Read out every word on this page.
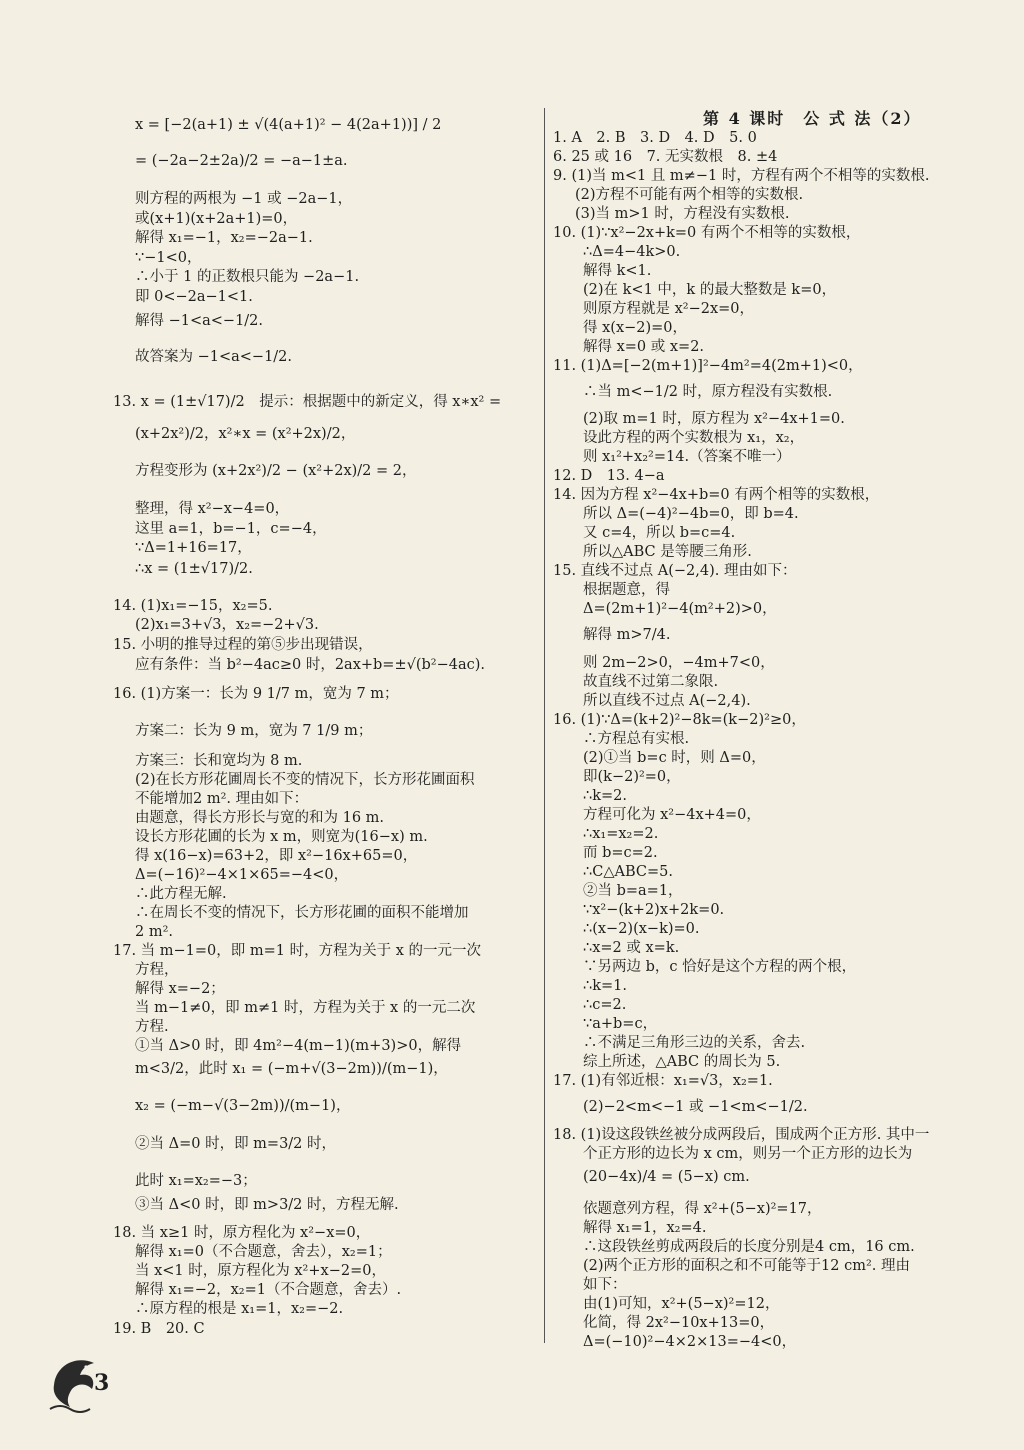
x = [−2(a+1) ± √(4(a+1)² − 4(2a+1))] / 2
= (−2a−2±2a)/2 = −a−1±a.
则方程的两根为 −1 或 −2a−1，
或(x+1)(x+2a+1)=0，
解得 x₁=−1，x₂=−2a−1.
∵−1<0，
∴小于 1 的正数根只能为 −2a−1.
即 0<−2a−1<1.
解得 −1<a<−1/2.
故答案为 −1<a<−1/2.
13. x = (1±√17)/2　提示：根据题中的新定义，得 x∗x² =
(x+2x²)/2，x²∗x = (x²+2x)/2，
方程变形为 (x+2x²)/2 − (x²+2x)/2 = 2，
整理，得 x²−x−4=0，
这里 a=1，b=−1，c=−4，
∵Δ=1+16=17，
∴x = (1±√17)/2.
14. (1)x₁=−15，x₂=5.
(2)x₁=3+√3，x₂=−2+√3.
15. 小明的推导过程的第⑤步出现错误，
应有条件：当 b²−4ac≥0 时，2ax+b=±√(b²−4ac).
16. (1)方案一：长为 9 1/7 m，宽为 7 m；
方案二：长为 9 m，宽为 7 1/9 m；
方案三：长和宽均为 8 m.
(2)在长方形花圃周长不变的情况下，长方形花圃面积
不能增加2 m². 理由如下：
由题意，得长方形长与宽的和为 16 m.
设长方形花圃的长为 x m，则宽为(16−x) m.
得 x(16−x)=63+2，即 x²−16x+65=0，
Δ=(−16)²−4×1×65=−4<0，
∴此方程无解.
∴在周长不变的情况下，长方形花圃的面积不能增加
2 m².
17. 当 m−1=0，即 m=1 时，方程为关于 x 的一元一次
方程，
解得 x=−2；
当 m−1≠0，即 m≠1 时，方程为关于 x 的一元二次
方程.
①当 Δ>0 时，即 4m²−4(m−1)(m+3)>0，解得
m<3/2，此时 x₁ = (−m+√(3−2m))/(m−1)，
x₂ = (−m−√(3−2m))/(m−1)，
②当 Δ=0 时，即 m=3/2 时，
此时 x₁=x₂=−3；
③当 Δ<0 时，即 m>3/2 时，方程无解.
18. 当 x≥1 时，原方程化为 x²−x=0，
解得 x₁=0（不合题意，舍去），x₂=1；
当 x<1 时，原方程化为 x²+x−2=0，
解得 x₁=−2，x₂=1（不合题意，舍去）.
∴原方程的根是 x₁=1，x₂=−2.
19. B　20. C
第 4 课时　公 式 法（2）
1. A　2. B　3. D　4. D　5. 0
6. 25 或 16　7. 无实数根　8. ±4
9. (1)当 m<1 且 m≠−1 时，方程有两个不相等的实数根.
(2)方程不可能有两个相等的实数根.
(3)当 m>1 时，方程没有实数根.
10. (1)∵x²−2x+k=0 有两个不相等的实数根，
∴Δ=4−4k>0.
解得 k<1.
(2)在 k<1 中，k 的最大整数是 k=0，
则原方程就是 x²−2x=0，
得 x(x−2)=0，
解得 x=0 或 x=2.
11. (1)Δ=[−2(m+1)]²−4m²=4(2m+1)<0，
∴当 m<−1/2 时，原方程没有实数根.
(2)取 m=1 时，原方程为 x²−4x+1=0.
设此方程的两个实数根为 x₁，x₂，
则 x₁²+x₂²=14.（答案不唯一）
12. D　13. 4−a
14. 因为方程 x²−4x+b=0 有两个相等的实数根，
所以 Δ=(−4)²−4b=0，即 b=4.
又 c=4，所以 b=c=4.
所以△ABC 是等腰三角形.
15. 直线不过点 A(−2,4). 理由如下：
根据题意，得
Δ=(2m+1)²−4(m²+2)>0，
解得 m>7/4.
则 2m−2>0，−4m+7<0，
故直线不过第二象限.
所以直线不过点 A(−2,4).
16. (1)∵Δ=(k+2)²−8k=(k−2)²≥0，
∴方程总有实根.
(2)①当 b=c 时，则 Δ=0，
即(k−2)²=0，
∴k=2.
方程可化为 x²−4x+4=0，
∴x₁=x₂=2.
而 b=c=2.
∴C△ABC=5.
②当 b=a=1，
∵x²−(k+2)x+2k=0.
∴(x−2)(x−k)=0.
∴x=2 或 x=k.
∵另两边 b，c 恰好是这个方程的两个根，
∴k=1.
∴c=2.
∵a+b=c，
∴不满足三角形三边的关系，舍去.
综上所述，△ABC 的周长为 5.
17. (1)有邻近根：x₁=√3，x₂=1.
(2)−2<m<−1 或 −1<m<−1/2.
18. (1)设这段铁丝被分成两段后，围成两个正方形. 其中一
个正方形的边长为 x cm，则另一个正方形的边长为
(20−4x)/4 = (5−x) cm.
依题意列方程，得 x²+(5−x)²=17，
解得 x₁=1，x₂=4.
∴这段铁丝剪成两段后的长度分别是4 cm，16 cm.
(2)两个正方形的面积之和不可能等于12 cm². 理由
如下：
由(1)可知，x²+(5−x)²=12，
化简，得 2x²−10x+13=0，
Δ=(−10)²−4×2×13=−4<0，
3
